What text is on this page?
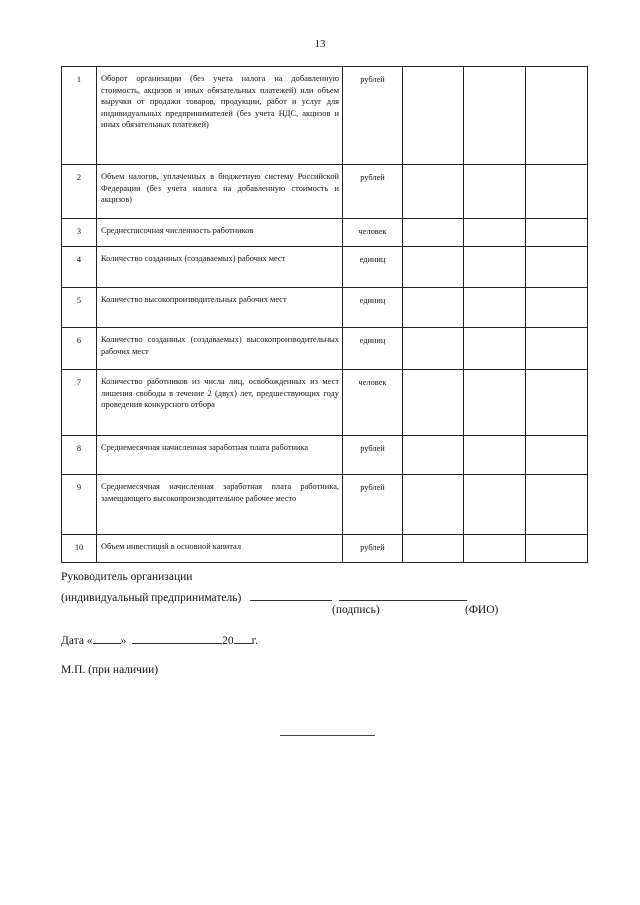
13
1	Оборот организации (без учета налога на добавленную стоимость, акцизов и иных обязательных платежей) или объем выручки от продажи товаров, продукции, работ и услуг для индивидуальных предпринимателей (без учета НДС, акцизов и иных обязательных платежей)	рублей			
2	Объем налогов, уплаченных в бюджетную систему Российской Федерации (без учета налога на добавленную стоимость и акцизов)	рублей			
3	Среднесписочная численность работников	человек			
4	Количество созданных (создаваемых) рабочих мест	единиц			
5	Количество высокопроизводительных рабочих мест	единиц			
6	Количество созданных (создаваемых) высокопроизводительных рабочих мест	единиц			
7	Количество работников из числа лиц, освобожденных из мест лишения свободы в течение 2 (двух) лет, предшествующих году проведения конкурсного отбора	человек			
8	Среднемесячная начисленная заработная плата работника	рублей			
9	Среднемесячная начисленная заработная плата работника, замещающего высокопроизводительное рабочее место	рублей			
10	Объем инвестиций в основной капитал	рублей			
Руководитель организации
(индивидуальный предприниматель)
(подпись)	(ФИО)
Дата « »	20 г.
М.П. (при наличии)
